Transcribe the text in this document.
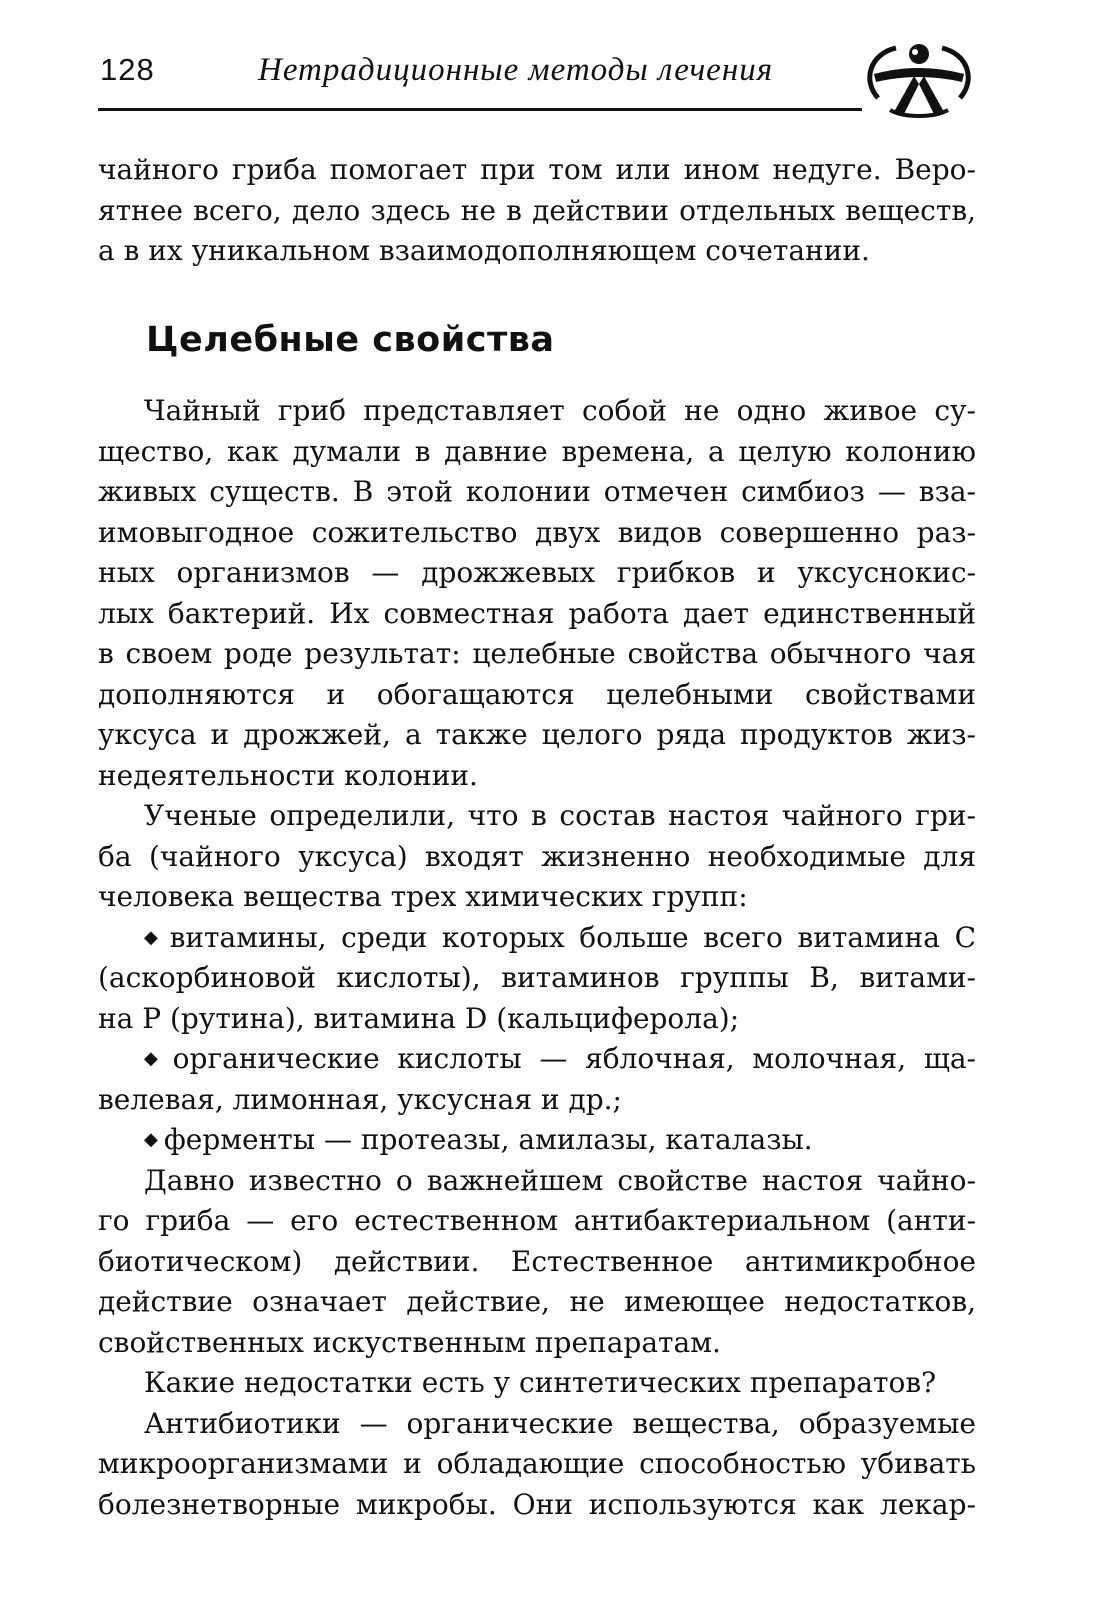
128	Нетрадиционные методы лечения
чайного гриба помогает при том или ином недуге. Веро-
ятнее всего, дело здесь не в действии отдельных веществ,
а в их уникальном взаимодополняющем сочетании.
Целебные свойства
Чайный гриб представляет собой не одно живое су-
щество, как думали в давние времена, а целую колонию
живых существ. В этой колонии отмечен симбиоз — вза-
имовыгодное сожительство двух видов совершенно раз-
ных организмов — дрожжевых грибков и уксуснокис-
лых бактерий. Их совместная работа дает единственный
в своем роде результат: целебные свойства обычного чая
дополняются и обогащаются целебными свойствами
уксуса и дрожжей, а также целого ряда продуктов жиз-
недеятельности колонии.
Ученые определили, что в состав настоя чайного гри-
ба (чайного уксуса) входят жизненно необходимые для
человека вещества трех химических групп:
◆ витамины, среди которых больше всего витамина C
(аскорбиновой кислоты), витаминов группы B, витами-
на P (рутина), витамина D (кальциферола);
◆ органические кислоты — яблочная, молочная, ща-
велевая, лимонная, уксусная и др.;
◆ ферменты — протеазы, амилазы, каталазы.
Давно известно о важнейшем свойстве настоя чайно-
го гриба — его естественном антибактериальном (анти-
биотическом) действии. Естественное антимикробное
действие означает действие, не имеющее недостатков,
свойственных искуственным препаратам.
Какие недостатки есть у синтетических препаратов?
Антибиотики — органические вещества, образуемые
микроорганизмами и обладающие способностью убивать
болезнетворные микробы. Они используются как лекар-
